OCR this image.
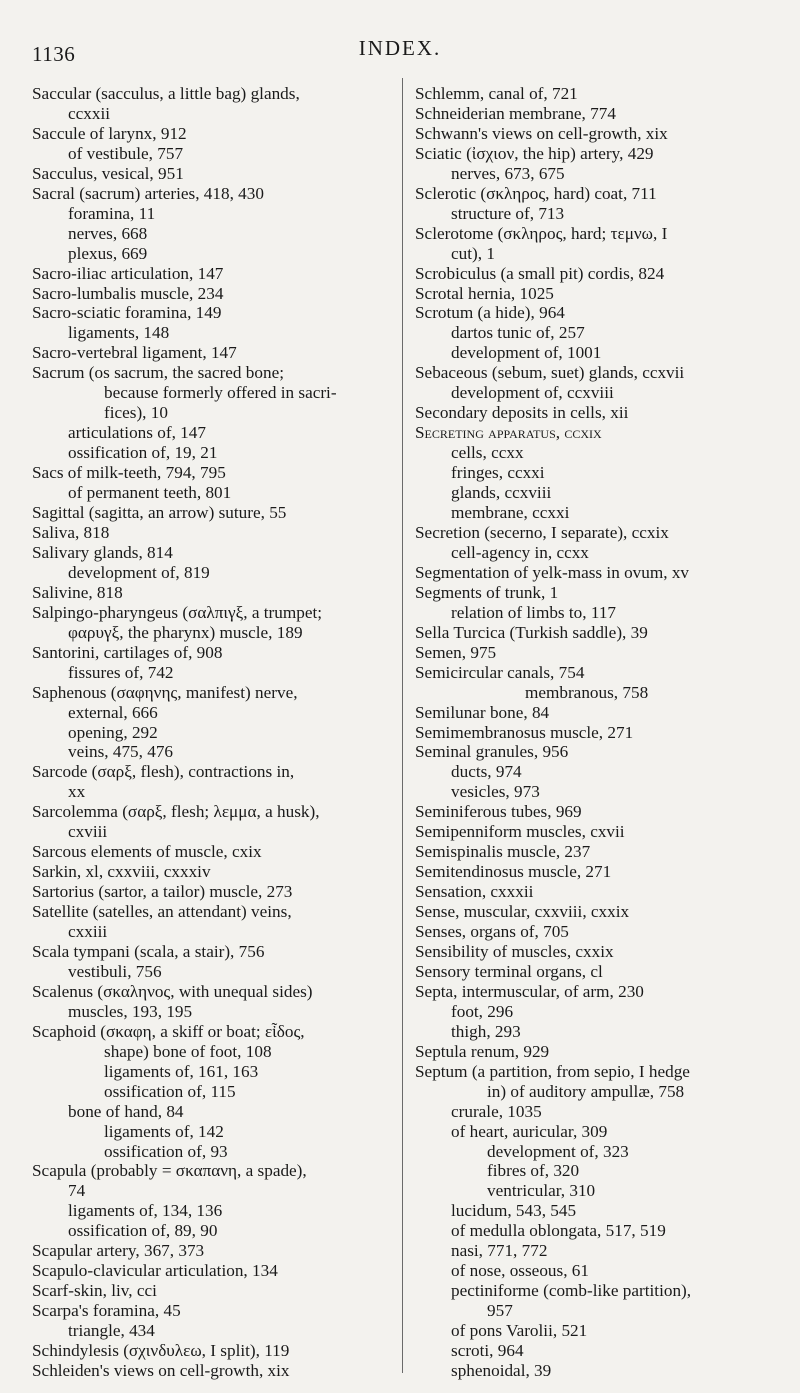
1136	INDEX.
Saccular (sacculus, a little bag) glands,
ccxxii
Saccule of larynx, 912
of vestibule, 757
Sacculus, vesical, 951
Sacral (sacrum) arteries, 418, 430
foramina, 11
nerves, 668
plexus, 669
Sacro-iliac articulation, 147
Sacro-lumbalis muscle, 234
Sacro-sciatic foramina, 149
ligaments, 148
Sacro-vertebral ligament, 147
Sacrum (os sacrum, the sacred bone;
because formerly offered in sacri-
fices), 10
articulations of, 147
ossification of, 19, 21
Sacs of milk-teeth, 794, 795
of permanent teeth, 801
Sagittal (sagitta, an arrow) suture, 55
Saliva, 818
Salivary glands, 814
development of, 819
Salivine, 818
Salpingo-pharyngeus (σαλπιγξ, a trumpet;
φαρυγξ, the pharynx) muscle, 189
Santorini, cartilages of, 908
fissures of, 742
Saphenous (σαφηνης, manifest) nerve,
external, 666
opening, 292
veins, 475, 476
Sarcode (σαρξ, flesh), contractions in,
xx
Sarcolemma (σαρξ, flesh; λεμμα, a husk),
cxviii
Sarcous elements of muscle, cxix
Sarkin, xl, cxxviii, cxxxiv
Sartorius (sartor, a tailor) muscle, 273
Satellite (satelles, an attendant) veins,
cxxiii
Scala tympani (scala, a stair), 756
vestibuli, 756
Scalenus (σκαληνος, with unequal sides)
muscles, 193, 195
Scaphoid (σκαφη, a skiff or boat; εἶδος,
shape) bone of foot, 108
ligaments of, 161, 163
ossification of, 115
bone of hand, 84
ligaments of, 142
ossification of, 93
Scapula (probably = σκαπανη, a spade),
74
ligaments of, 134, 136
ossification of, 89, 90
Scapular artery, 367, 373
Scapulo-clavicular articulation, 134
Scarf-skin, liv, cci
Scarpa's foramina, 45
triangle, 434
Schindylesis (σχινδυλεω, I split), 119
Schleiden's views on cell-growth, xix
Schlemm, canal of, 721
Schneiderian membrane, 774
Schwann's views on cell-growth, xix
Sciatic (ἰσχιον, the hip) artery, 429
nerves, 673, 675
Sclerotic (σκληρος, hard) coat, 711
structure of, 713
Sclerotome (σκληρος, hard; τεμνω, I
cut), 1
Scrobiculus (a small pit) cordis, 824
Scrotal hernia, 1025
Scrotum (a hide), 964
dartos tunic of, 257
development of, 1001
Sebaceous (sebum, suet) glands, ccxvii
development of, ccxviii
Secondary deposits in cells, xii
Secreting apparatus, ccxix
cells, ccxx
fringes, ccxxi
glands, ccxviii
membrane, ccxxi
Secretion (secerno, I separate), ccxix
cell-agency in, ccxx
Segmentation of yelk-mass in ovum, xv
Segments of trunk, 1
relation of limbs to, 117
Sella Turcica (Turkish saddle), 39
Semen, 975
Semicircular canals, 754
membranous, 758
Semilunar bone, 84
Semimembranosus muscle, 271
Seminal granules, 956
ducts, 974
vesicles, 973
Seminiferous tubes, 969
Semipenniform muscles, cxvii
Semispinalis muscle, 237
Semitendinosus muscle, 271
Sensation, cxxxii
Sense, muscular, cxxviii, cxxix
Senses, organs of, 705
Sensibility of muscles, cxxix
Sensory terminal organs, cl
Septa, intermuscular, of arm, 230
foot, 296
thigh, 293
Septula renum, 929
Septum (a partition, from sepio, I hedge
in) of auditory ampullæ, 758
crurale, 1035
of heart, auricular, 309
development of, 323
fibres of, 320
ventricular, 310
lucidum, 543, 545
of medulla oblongata, 517, 519
nasi, 771, 772
of nose, osseous, 61
pectiniforme (comb-like partition),
957
of pons Varolii, 521
scroti, 964
sphenoidal, 39
